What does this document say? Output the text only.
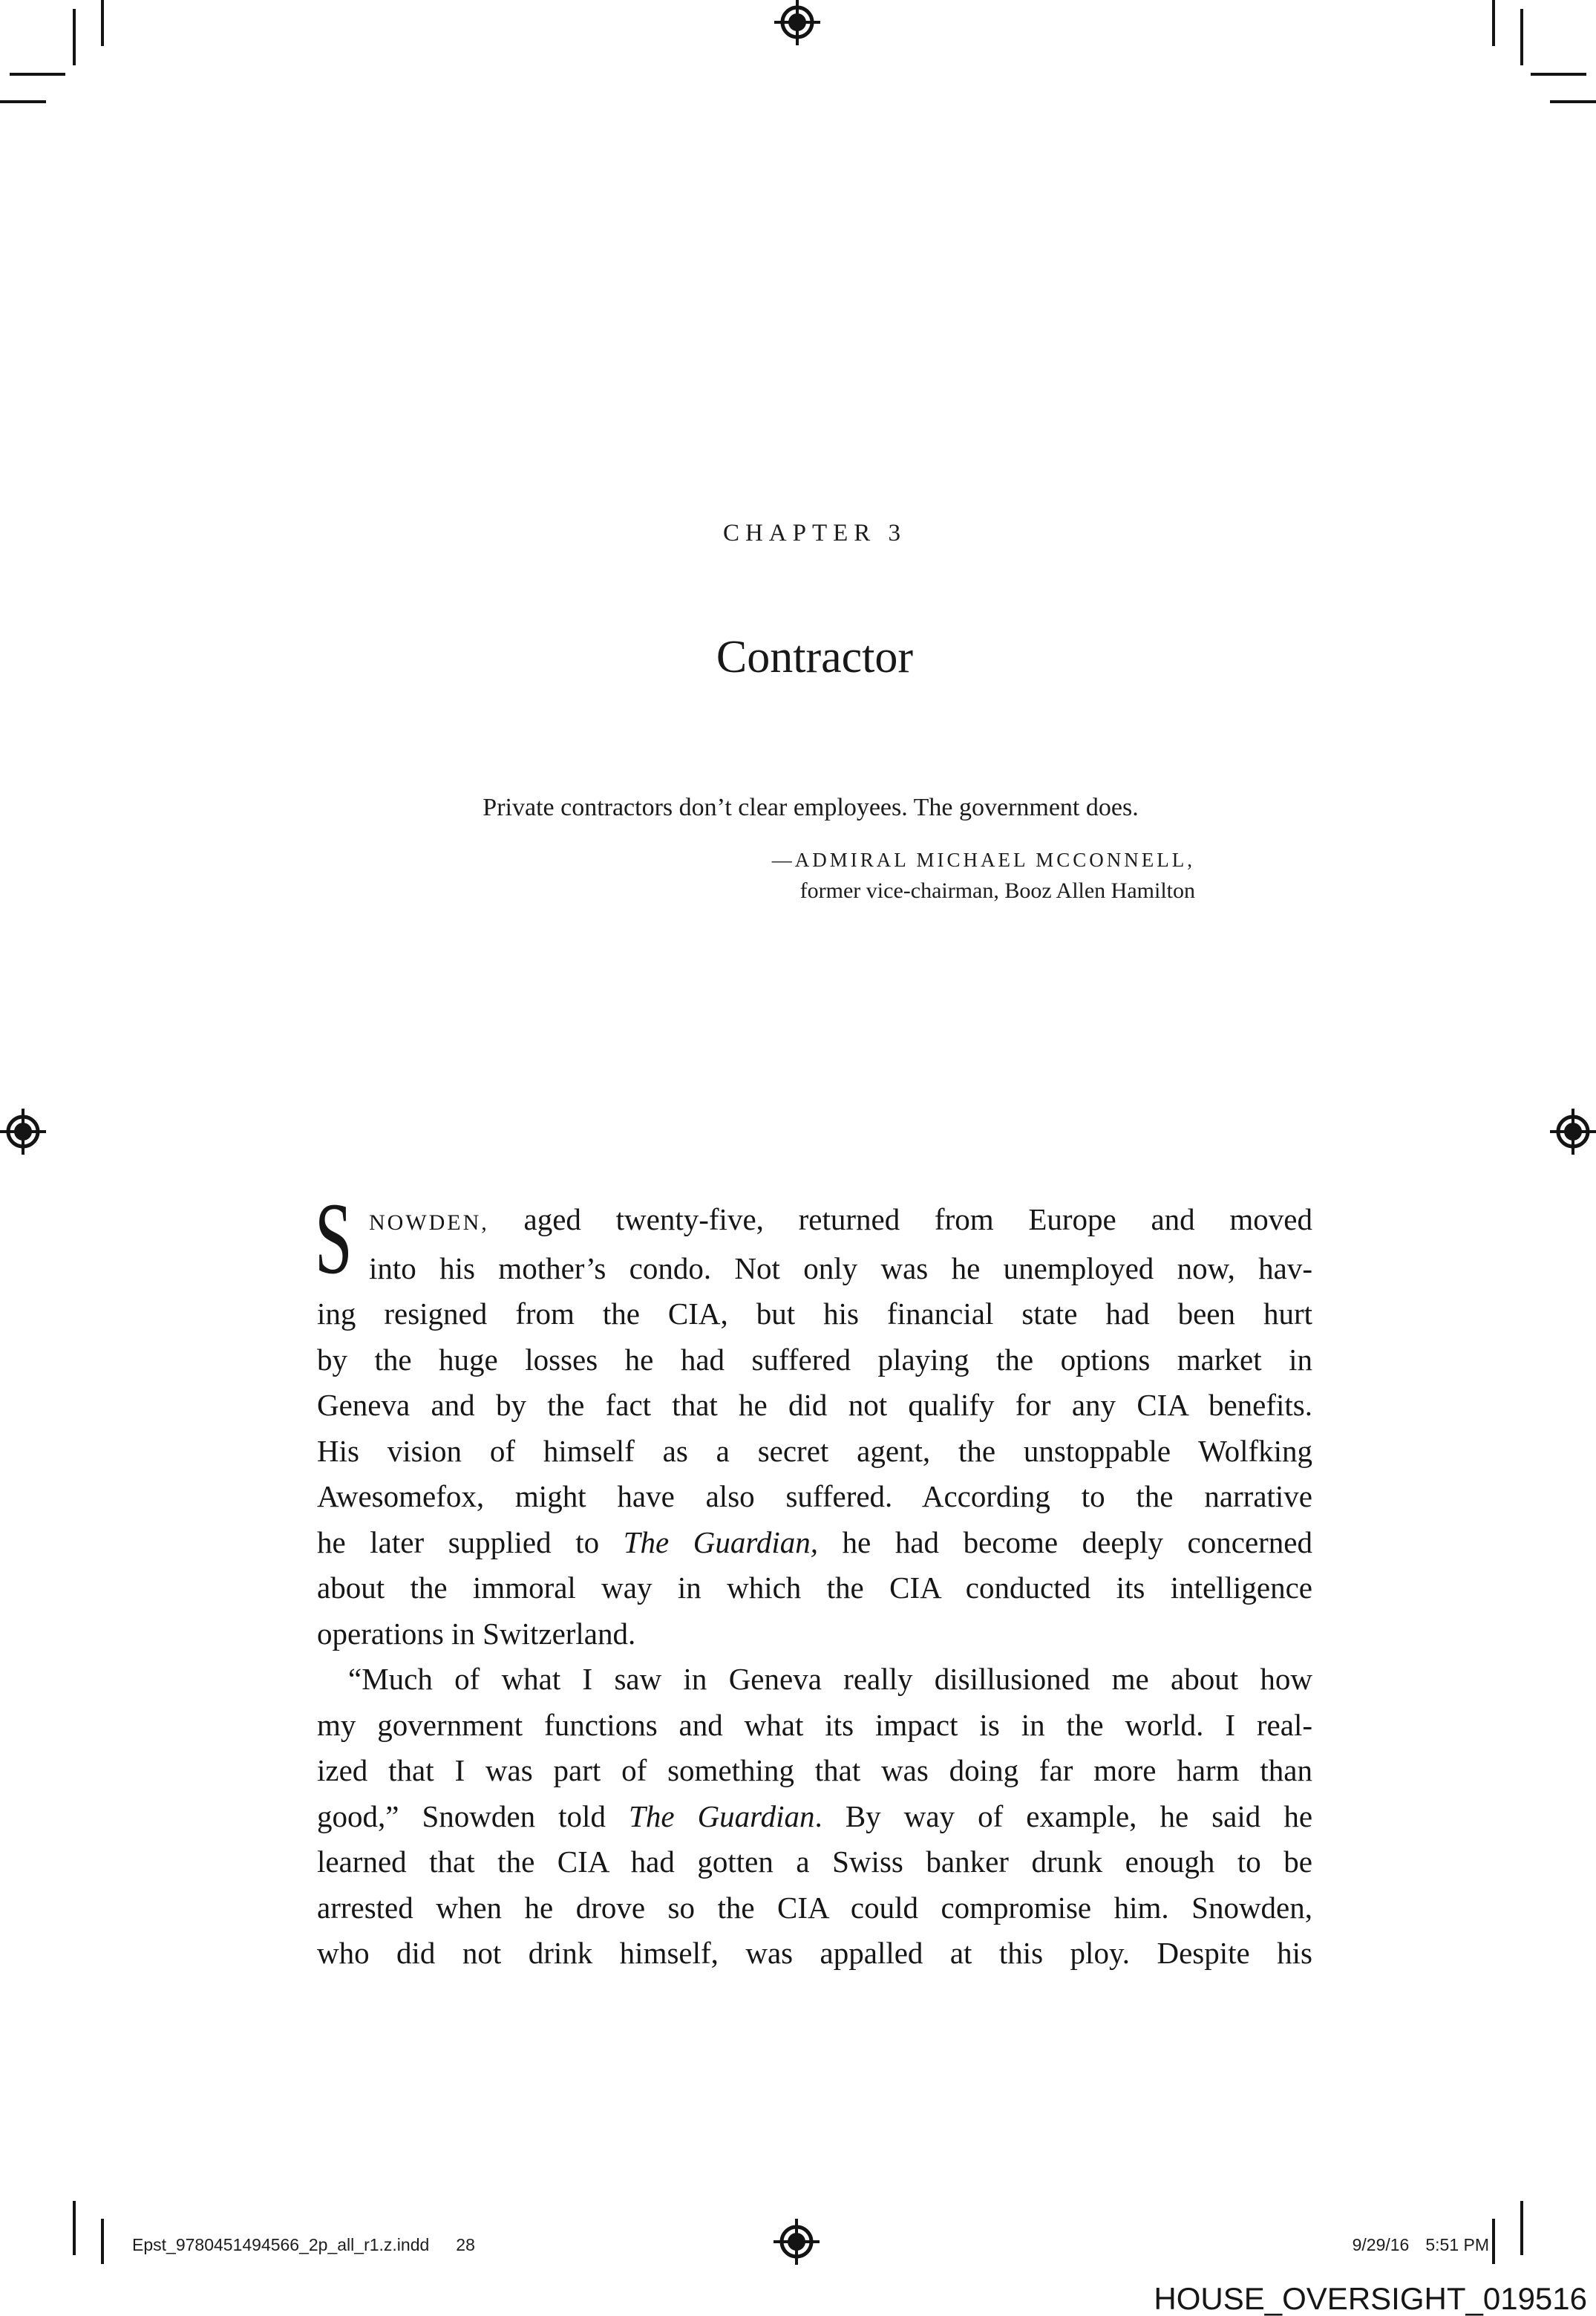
CHAPTER 3
Contractor
Private contractors don’t clear employees. The government does.
—ADMIRAL MICHAEL MCCONNELL,
former vice-chairman, Booz Allen Hamilton
S NOWDEN, aged twenty-five, returned from Europe and moved
into his mother’s condo. Not only was he unemployed now, hav-
ing resigned from the CIA, but his financial state had been hurt
by the huge losses he had suffered playing the options market in
Geneva and by the fact that he did not qualify for any CIA benefits.
His vision of himself as a secret agent, the unstoppable Wolfking
Awesomefox, might have also suffered. According to the narrative
he later supplied to The Guardian, he had become deeply concerned
about the immoral way in which the CIA conducted its intelligence
operations in Switzerland.
“Much of what I saw in Geneva really disillusioned me about how
my government functions and what its impact is in the world. I real-
ized that I was part of something that was doing far more harm than
good,” Snowden told The Guardian. By way of example, he said he
learned that the CIA had gotten a Swiss banker drunk enough to be
arrested when he drove so the CIA could compromise him. Snowden,
who did not drink himself, was appalled at this ploy. Despite his
Epst_9780451494566_2p_all_r1.z.indd 28	9/29/16 5:51 PM
HOUSE_OVERSIGHT_019516
